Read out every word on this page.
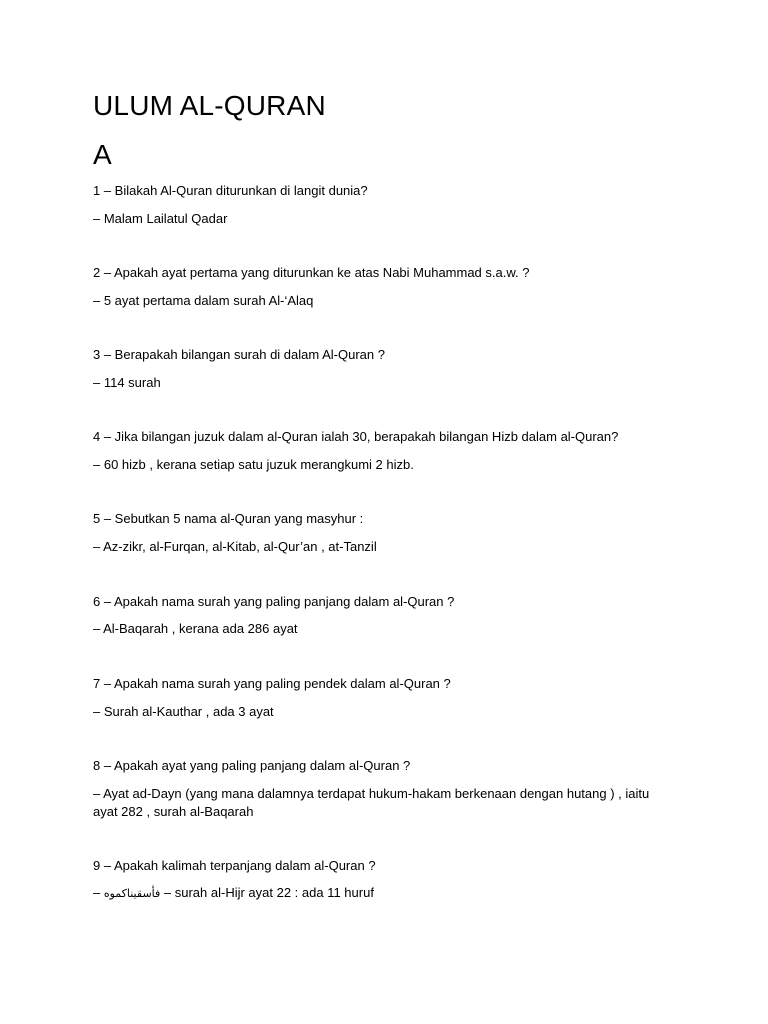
ULUM AL-QURAN
A
1 – Bilakah Al-Quran diturunkan di langit dunia?
– Malam Lailatul Qadar
2 – Apakah ayat pertama yang diturunkan ke atas Nabi Muhammad s.a.w. ?
– 5 ayat pertama dalam surah Al-‘Alaq
3 – Berapakah bilangan surah di dalam Al-Quran ?
– 114 surah
4 – Jika bilangan juzuk dalam al-Quran ialah 30, berapakah bilangan Hizb dalam al-Quran?
– 60 hizb , kerana setiap satu juzuk merangkumi 2 hizb.
5 – Sebutkan 5 nama al-Quran yang masyhur :
– Az-zikr, al-Furqan, al-Kitab, al-Qur’an , at-Tanzil
6 – Apakah nama surah yang paling panjang dalam al-Quran ?
– Al-Baqarah , kerana ada 286 ayat
7 – Apakah nama surah yang paling pendek dalam al-Quran ?
– Surah al-Kauthar , ada 3 ayat
8 – Apakah ayat yang paling panjang dalam al-Quran ?
– Ayat ad-Dayn (yang mana dalamnya terdapat hukum-hakam berkenaan dengan hutang ) , iaitu ayat 282 , surah al-Baqarah
9 – Apakah kalimah terpanjang dalam al-Quran ?
– فأسقيناكموه – surah al-Hijr ayat 22 : ada 11 huruf
